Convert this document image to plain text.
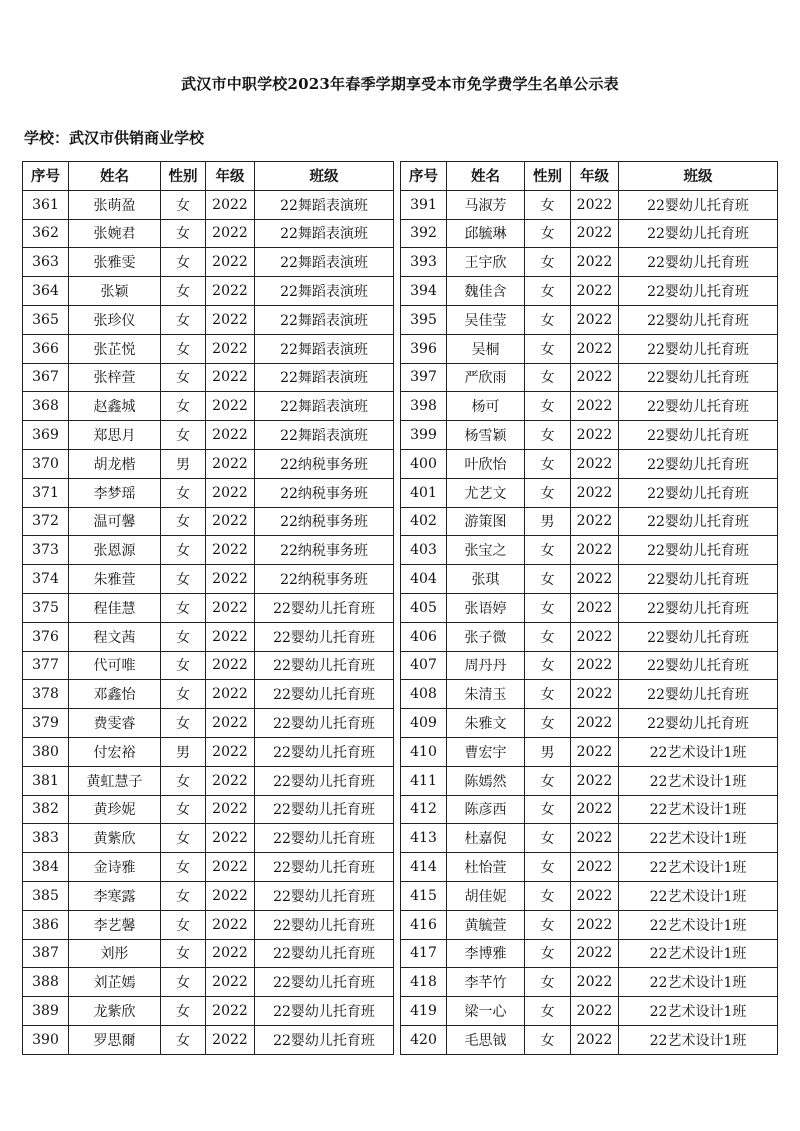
武汉市中职学校2023年春季学期享受本市免学费学生名单公示表
学校：武汉市供销商业学校
序号	姓名	性别	年级	班级
361	张萌盈	女	2022	22舞蹈表演班
362	张婉君	女	2022	22舞蹈表演班
363	张雅雯	女	2022	22舞蹈表演班
364	张颖	女	2022	22舞蹈表演班
365	张珍仪	女	2022	22舞蹈表演班
366	张芷悦	女	2022	22舞蹈表演班
367	张梓萱	女	2022	22舞蹈表演班
368	赵鑫城	女	2022	22舞蹈表演班
369	郑思月	女	2022	22舞蹈表演班
370	胡龙楷	男	2022	22纳税事务班
371	李梦瑶	女	2022	22纳税事务班
372	温可馨	女	2022	22纳税事务班
373	张恩源	女	2022	22纳税事务班
374	朱雅萱	女	2022	22纳税事务班
375	程佳慧	女	2022	22婴幼儿托育班
376	程文茜	女	2022	22婴幼儿托育班
377	代可唯	女	2022	22婴幼儿托育班
378	邓鑫怡	女	2022	22婴幼儿托育班
379	费雯睿	女	2022	22婴幼儿托育班
380	付宏裕	男	2022	22婴幼儿托育班
381	黄虹慧子	女	2022	22婴幼儿托育班
382	黄珍妮	女	2022	22婴幼儿托育班
383	黄紫欣	女	2022	22婴幼儿托育班
384	金诗雅	女	2022	22婴幼儿托育班
385	李寒露	女	2022	22婴幼儿托育班
386	李艺馨	女	2022	22婴幼儿托育班
387	刘彤	女	2022	22婴幼儿托育班
388	刘芷嫣	女	2022	22婴幼儿托育班
389	龙紫欣	女	2022	22婴幼儿托育班
390	罗思爾	女	2022	22婴幼儿托育班
序号	姓名	性别	年级	班级
391	马淑芳	女	2022	22婴幼儿托育班
392	邱毓琳	女	2022	22婴幼儿托育班
393	王宇欣	女	2022	22婴幼儿托育班
394	魏佳含	女	2022	22婴幼儿托育班
395	吴佳莹	女	2022	22婴幼儿托育班
396	吴桐	女	2022	22婴幼儿托育班
397	严欣雨	女	2022	22婴幼儿托育班
398	杨可	女	2022	22婴幼儿托育班
399	杨雪颖	女	2022	22婴幼儿托育班
400	叶欣怡	女	2022	22婴幼儿托育班
401	尤艺文	女	2022	22婴幼儿托育班
402	游策图	男	2022	22婴幼儿托育班
403	张宝之	女	2022	22婴幼儿托育班
404	张琪	女	2022	22婴幼儿托育班
405	张语婷	女	2022	22婴幼儿托育班
406	张子微	女	2022	22婴幼儿托育班
407	周丹丹	女	2022	22婴幼儿托育班
408	朱清玉	女	2022	22婴幼儿托育班
409	朱雅文	女	2022	22婴幼儿托育班
410	曹宏宇	男	2022	22艺术设计1班
411	陈嫣然	女	2022	22艺术设计1班
412	陈彦西	女	2022	22艺术设计1班
413	杜嘉倪	女	2022	22艺术设计1班
414	杜怡萱	女	2022	22艺术设计1班
415	胡佳妮	女	2022	22艺术设计1班
416	黄毓萱	女	2022	22艺术设计1班
417	李博雅	女	2022	22艺术设计1班
418	李芊竹	女	2022	22艺术设计1班
419	梁一心	女	2022	22艺术设计1班
420	毛思钺	女	2022	22艺术设计1班
